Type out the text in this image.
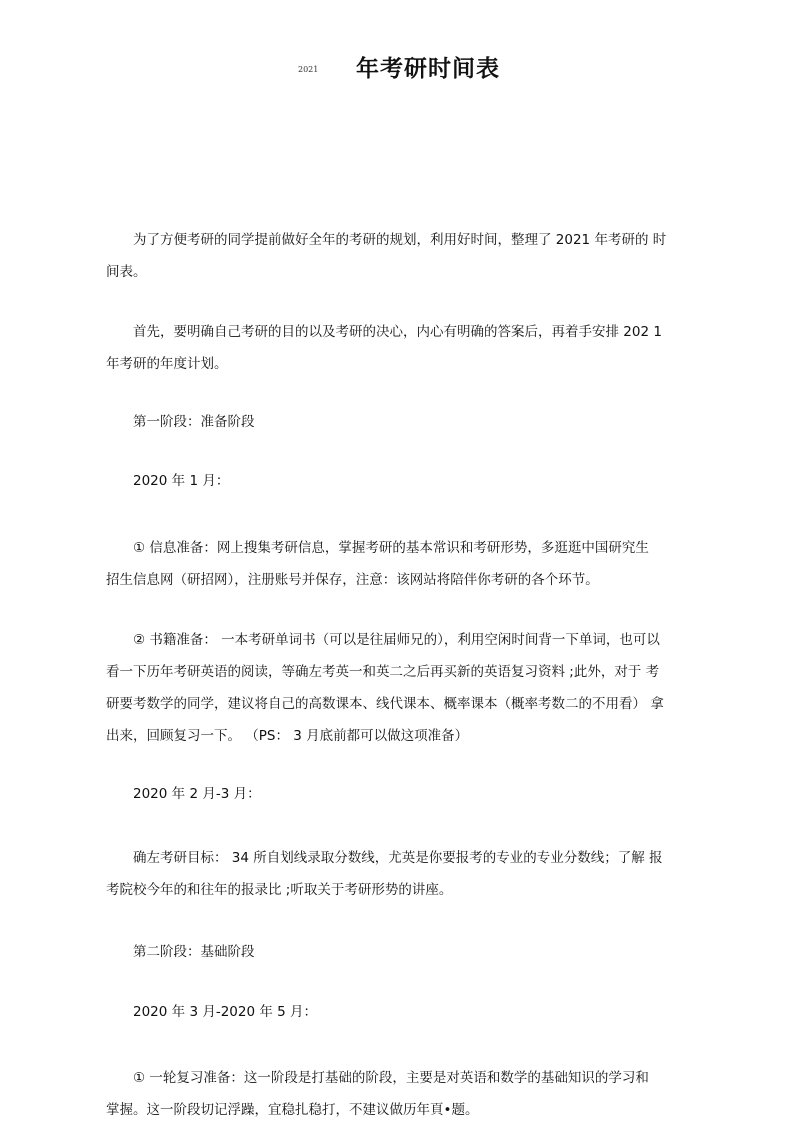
2021 年考研时间表

为了方便考研的同学提前做好全年的考研的规划，利用好时间，整理了 2021 年考研的 时
间表。

首先，要明确自己考研的目的以及考研的决心，内心有明确的答案后，再着手安排 202 1
年考研的年度计划。

第一阶段：准备阶段
2020 年 1 月：

① 信息准备：网上搜集考研信息，掌握考研的基本常识和考研形势，多逛逛中国研究生
招生信息网（研招网），注册账号并保存，注意：该网站将陪伴你考研的各个环节。

② 书籍准备： 一本考研单词书（可以是往届师兄的），利用空闲时间背一下单词，也可以
看一下历年考研英语的阅读，等确左考英一和英二之后再买新的英语复习资料 ;此外，对于 考
研要考数学的同学，建议将自己的高数课本、线代课本、概率课本（概率考数二的不用看） 拿
出来，回顾复习一下。 （PS： 3 月底前都可以做这项准备）

2020 年 2 月-3 月：

确左考研目标： 34 所自划线录取分数线，尤英是你要报考的专业的专业分数线；了解 报
考院校今年的和往年的报录比 ;听取关于考研形势的讲座。

第二阶段：基础阶段
2020 年 3 月-2020 年 5 月：

① 一轮复习准备：这一阶段是打基础的阶段，主要是对英语和数学的基础知识的学习和
掌握。这一阶段切记浮躁，宜稳扎稳打，不建议做历年頁•题。
